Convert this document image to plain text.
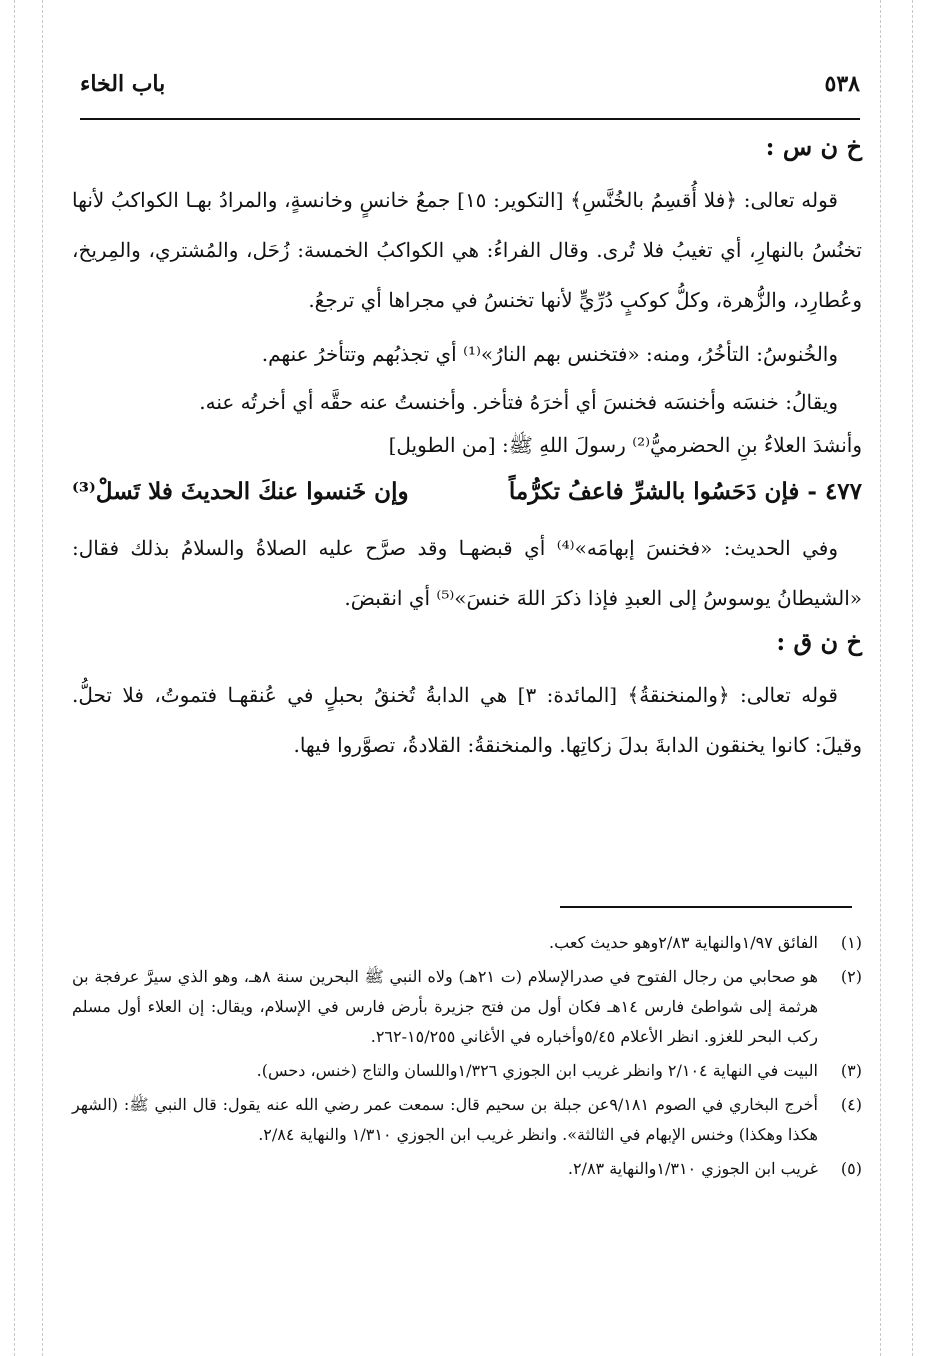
باب الخاء	٥٣٨
خ ن س :

قوله تعالى: ﴿فلا أُقسِمُ بالخُنَّسِ﴾ [التكوير: ١٥] جمعُ خانسٍ وخانسةٍ، والمرادُ بهـا الكواكبُ لأنها تخنُسُ بالنهارِ، أي تغيبُ فلا تُرى. وقال الفراءُ: هي الكواكبُ الخمسة: زُحَل، والمُشتري، والمِريخ، وعُطارِد، والزُّهرة، وكلُّ كوكبٍ دُرِّيٍّ لأنها تخنسُ في مجراها أي ترجعُ.

والخُنوسُ: التأخُرُ، ومنه: «فتخنس بهم النارُ»⁽¹⁾ أي تجذبُهم وتتأخرُ عنهم.

ويقالُ: خنسَه وأخنسَه فخنسَ أي أخرَهُ فتأخر. وأخنستُ عنه حقَّه أي أخرتُه عنه.

وأنشدَ العلاءُ بنِ الحضرميُّ⁽²⁾ رسولَ اللهِ ﷺ: [من الطويل]

٤٧٧ - فإن دَحَسُوا بالشرِّ فاعفُ تكرُّماً
وإن خَنسوا عنكَ الحديثَ فلا تَسلْ⁽³⁾

وفي الحديث: «فخنسَ إبهامَه»⁽⁴⁾ أي قبضهـا وقد صرَّح عليه الصلاةُ والسلامُ بذلك فقال: «الشيطانُ يوسوسُ إلى العبدِ فإذا ذكرَ اللهَ خنسَ»⁽⁵⁾ أي انقبضَ.

خ ن ق :

قوله تعالى: ﴿والمنخنقةُ﴾ [المائدة: ٣] هي الدابةُ تُخنقُ بحبلٍ في عُنقهـا فتموتُ، فلا تحلُّ. وقيلَ: كانوا يخنقون الدابةَ بدلَ زكاتِها. والمنخنقةُ: القلادةُ، تصوَّروا فيها.

(١)
الفائق ١/٩٧والنهاية ٢/٨٣وهو حديث كعب.
(٢)
هو صحابي من رجال الفتوح في صدرالإسلام (ت ٢١هـ) ولاه النبي ﷺ البحرين سنة ٨هـ، وهو الذي سيرَّ عرفجة بن هرثمة إلى شواطئ فارس ١٤هـ فكان أول من فتح جزيرة بأرض فارس في الإسلام، ويقال: إن العلاء أول مسلم ركب البحر للغزو. انظر الأعلام ٥/٤٥وأخباره في الأغاني ١٥/٢٥٥-٢٦٢.
(٣)
البيت في النهاية ٢/١٠٤ وانظر غريب ابن الجوزي ١/٣٢٦واللسان والتاج (خنس، دحس).
(٤)
أخرج البخاري في الصوم ٩/١٨١عن جبلة بن سحيم قال: سمعت عمر رضي الله عنه يقول: قال النبي ﷺ: (الشهر هكذا وهكذا) وخنس الإبهام في الثالثة». وانظر غريب ابن الجوزي ١/٣١٠ والنهاية ٢/٨٤.
(٥)
غريب ابن الجوزي ١/٣١٠والنهاية ٢/٨٣.
